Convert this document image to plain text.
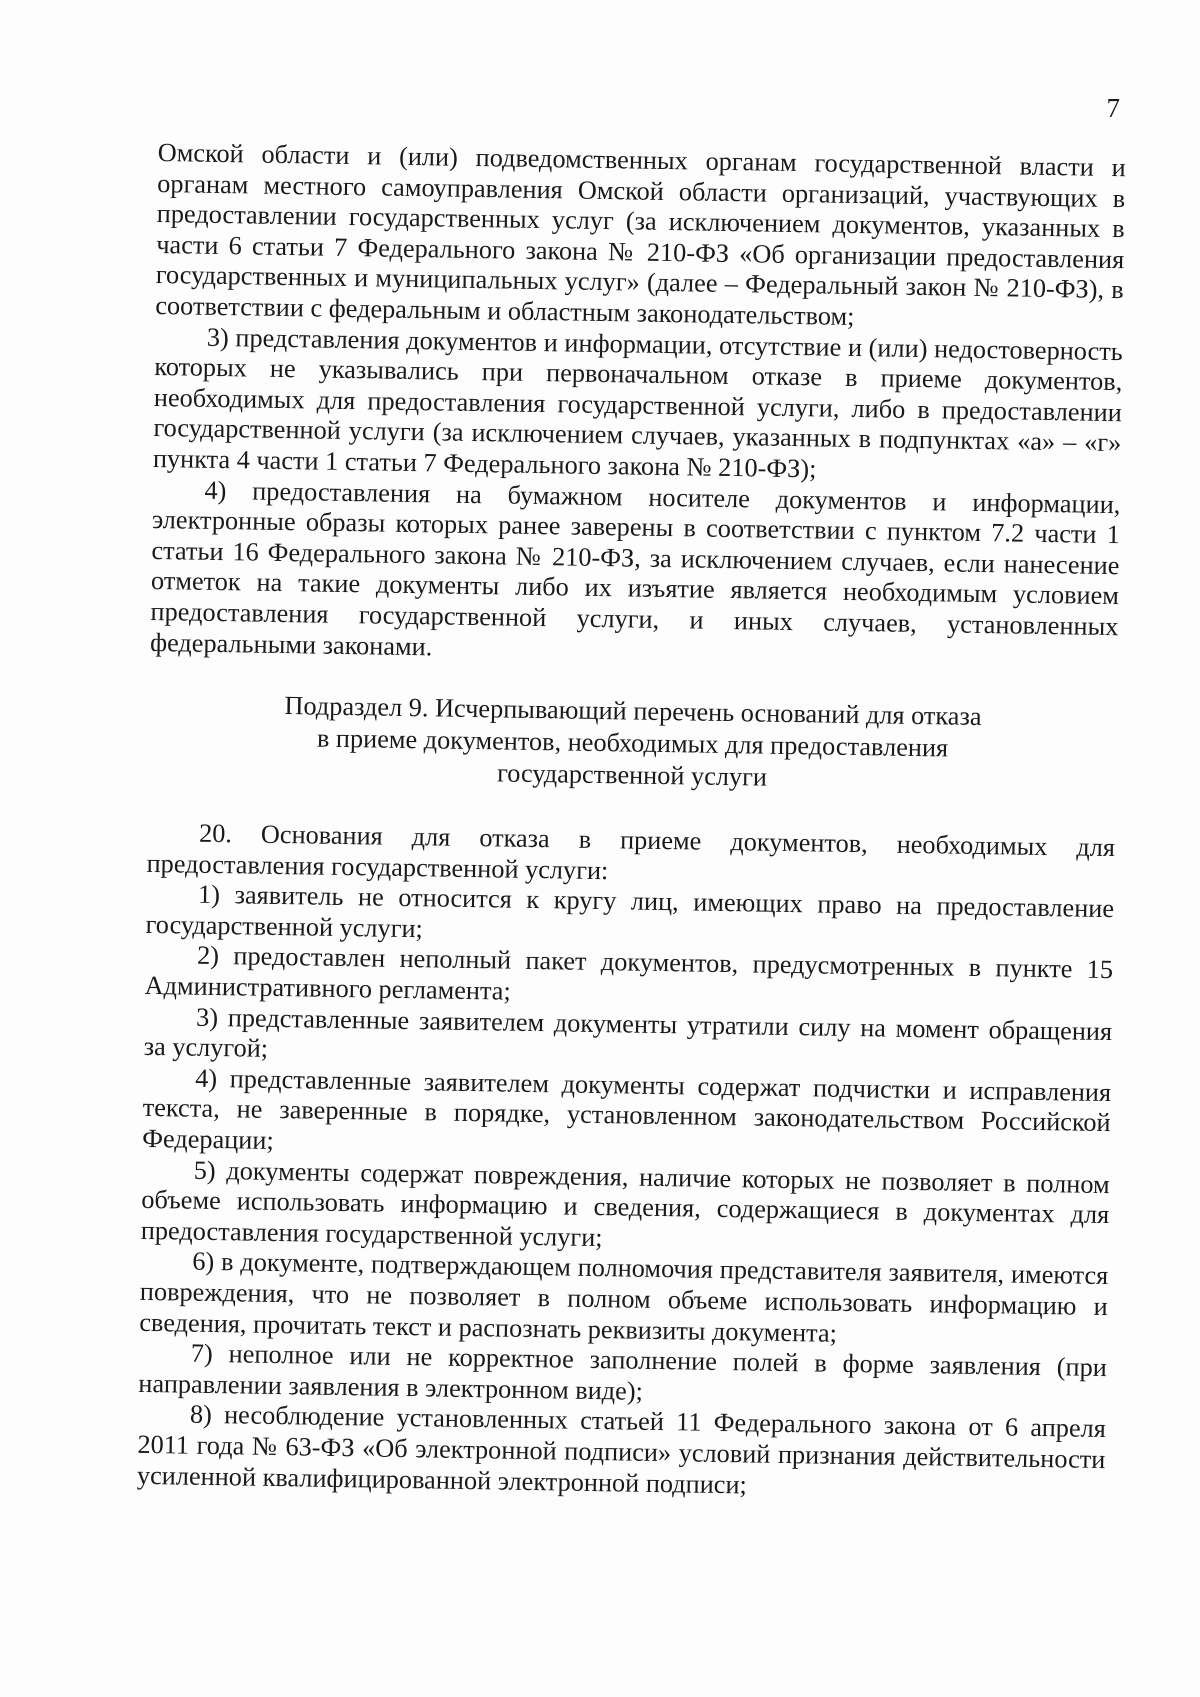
7

Омской области и (или) подведомственных органам государственной власти и органам местного самоуправления Омской области организаций, участвующих в предоставлении государственных услуг (за исключением документов, указанных в части 6 статьи 7 Федерального закона № 210-ФЗ «Об организации предоставления государственных и муниципальных услуг» (далее – Федеральный закон № 210-ФЗ), в соответствии с федеральным и областным законодательством;

3) представления документов и информации, отсутствие и (или) недостоверность которых не указывались при первоначальном отказе в приеме документов, необходимых для предоставления государственной услуги, либо в предоставлении государственной услуги (за исключением случаев, указанных в подпунктах «а» – «г» пункта 4 части 1 статьи 7 Федерального закона № 210-ФЗ);

4) предоставления на бумажном носителе документов и информации, электронные образы которых ранее заверены в соответствии с пунктом 7.2 части 1 статьи 16 Федерального закона № 210-ФЗ, за исключением случаев, если нанесение отметок на такие документы либо их изъятие является необходимым условием предоставления государственной услуги, и иных случаев, установленных федеральными законами.

Подраздел 9. Исчерпывающий перечень оснований для отказа
в приеме документов, необходимых для предоставления
государственной услуги

20. Основания для отказа в приеме документов, необходимых для предоставления государственной услуги:

1) заявитель не относится к кругу лиц, имеющих право на предоставление государственной услуги;

2) предоставлен неполный пакет документов, предусмотренных в пункте 15 Административного регламента;

3) представленные заявителем документы утратили силу на момент обращения за услугой;

4) представленные заявителем документы содержат подчистки и исправления текста, не заверенные в порядке, установленном законодательством Российской Федерации;

5) документы содержат повреждения, наличие которых не позволяет в полном объеме использовать информацию и сведения, содержащиеся в документах для предоставления государственной услуги;

6) в документе, подтверждающем полномочия представителя заявителя, имеются повреждения, что не позволяет в полном объеме использовать информацию и сведения, прочитать текст и распознать реквизиты документа;

7) неполное или не корректное заполнение полей в форме заявления (при направлении заявления в электронном виде);

8) несоблюдение установленных статьей 11 Федерального закона от 6 апреля 2011 года № 63-ФЗ «Об электронной подписи» условий признания действительности усиленной квалифицированной электронной подписи;
